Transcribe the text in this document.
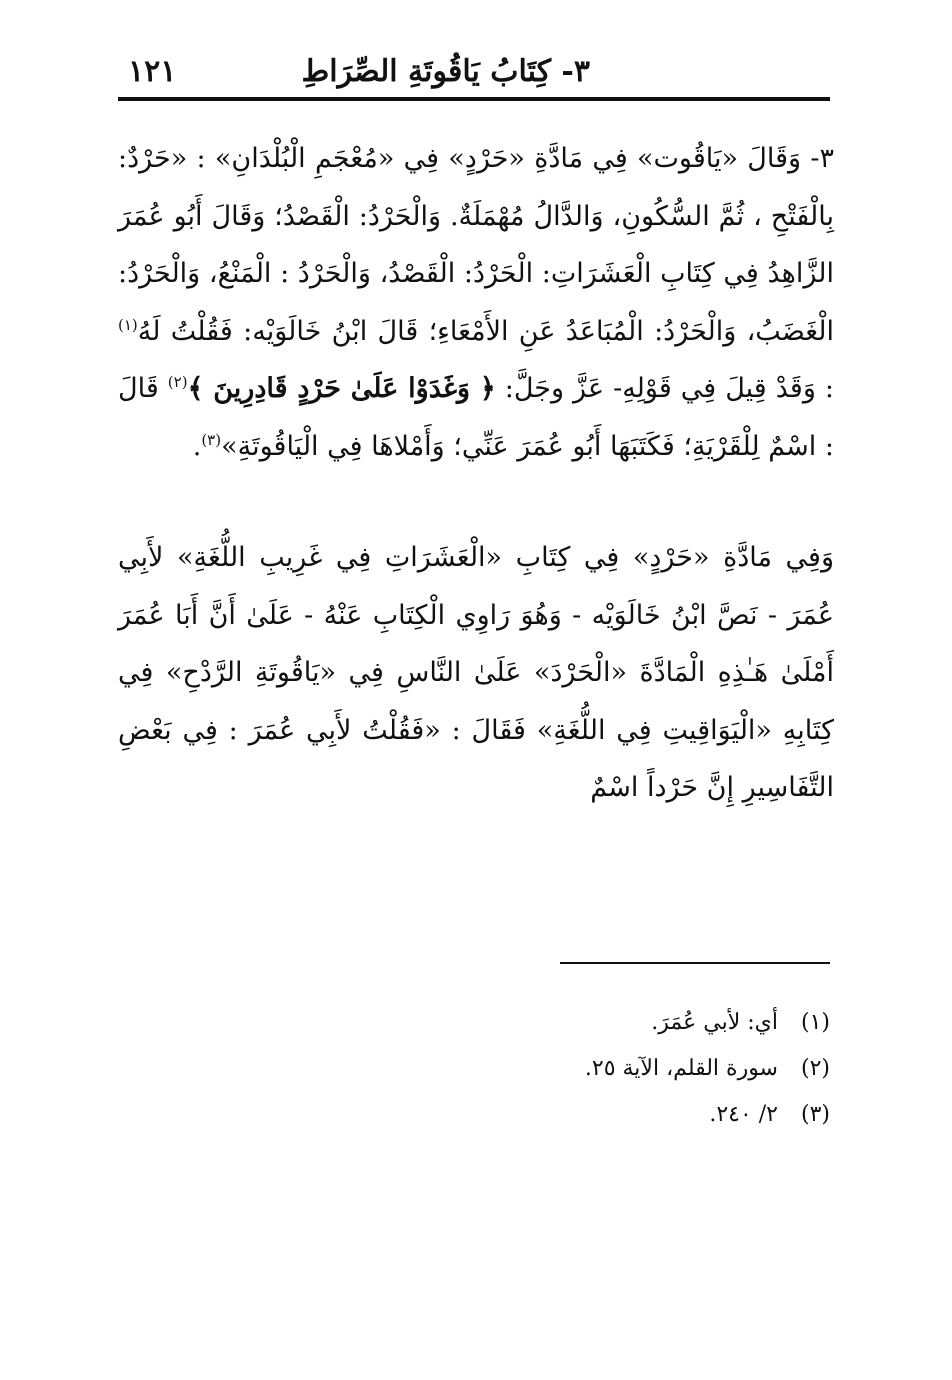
٣- كِتَابُ يَاقُوتَةِ الصِّرَاطِ
١٢١

٣- وَقَالَ «يَاقُوت» فِي مَادَّةِ «حَرْدٍ» فِي «مُعْجَمِ الْبُلْدَانِ» : «حَرْدٌ: بِالْفَتْحِ ، ثُمَّ السُّكُونِ، وَالدَّالُ مُهْمَلَةٌ. وَالْحَرْدُ: الْقَصْدُ؛ وَقَالَ أَبُو عُمَرَ الزَّاهِدُ فِي كِتَابِ الْعَشَرَاتِ: الْحَرْدُ: الْقَصْدُ، وَالْحَرْدُ : الْمَنْعُ، وَالْحَرْدُ: الْغَضَبُ، وَالْحَرْدُ: الْمُبَاعَدُ عَنِ الأَمْعَاءِ؛ قَالَ ابْنُ خَالَوَيْه: فَقُلْتُ لَهُ$^{(١)}$ : وَقَدْ قِيلَ فِي قَوْلِهِ- عَزَّ وجَلَّ: ﴿ وَغَدَوْا عَلَىٰ حَرْدٍ قَادِرِينَ ﴾$^{(٢)}$ قَالَ : اسْمٌ لِلْقَرْيَةِ؛ فَكَتَبَهَا أَبُو عُمَرَ عَنِّي؛ وَأَمْلاهَا فِي الْيَاقُوتَةِ»$^{(٣)}$.

وَفِي مَادَّةِ «حَرْدٍ» فِي كِتَابِ «الْعَشَرَاتِ فِي غَرِيبِ اللُّغَةِ» لأَبِي عُمَرَ - نَصَّ ابْنُ خَالَوَيْه - وَهُوَ رَاوِي الْكِتَابِ عَنْهُ - عَلَىٰ أَنَّ أَبَا عُمَرَ أَمْلَىٰ هَـٰذِهِ الْمَادَّةَ «الْحَرْدَ» عَلَىٰ النَّاسِ فِي «يَاقُوتَةِ الرَّدْحِ» فِي كِتَابِهِ «الْيَوَاقِيتِ فِي اللُّغَةِ» فَقَالَ : «فَقُلْتُ لأَبِي عُمَرَ : فِي بَعْضِ التَّفَاسِيرِ إِنَّ حَرْداً اسْمٌ

(١)أي: لأبي عُمَرَ.
(٢)سورة القلم، الآية ٢٥.
(٣)٢/ ٢٤٠.
